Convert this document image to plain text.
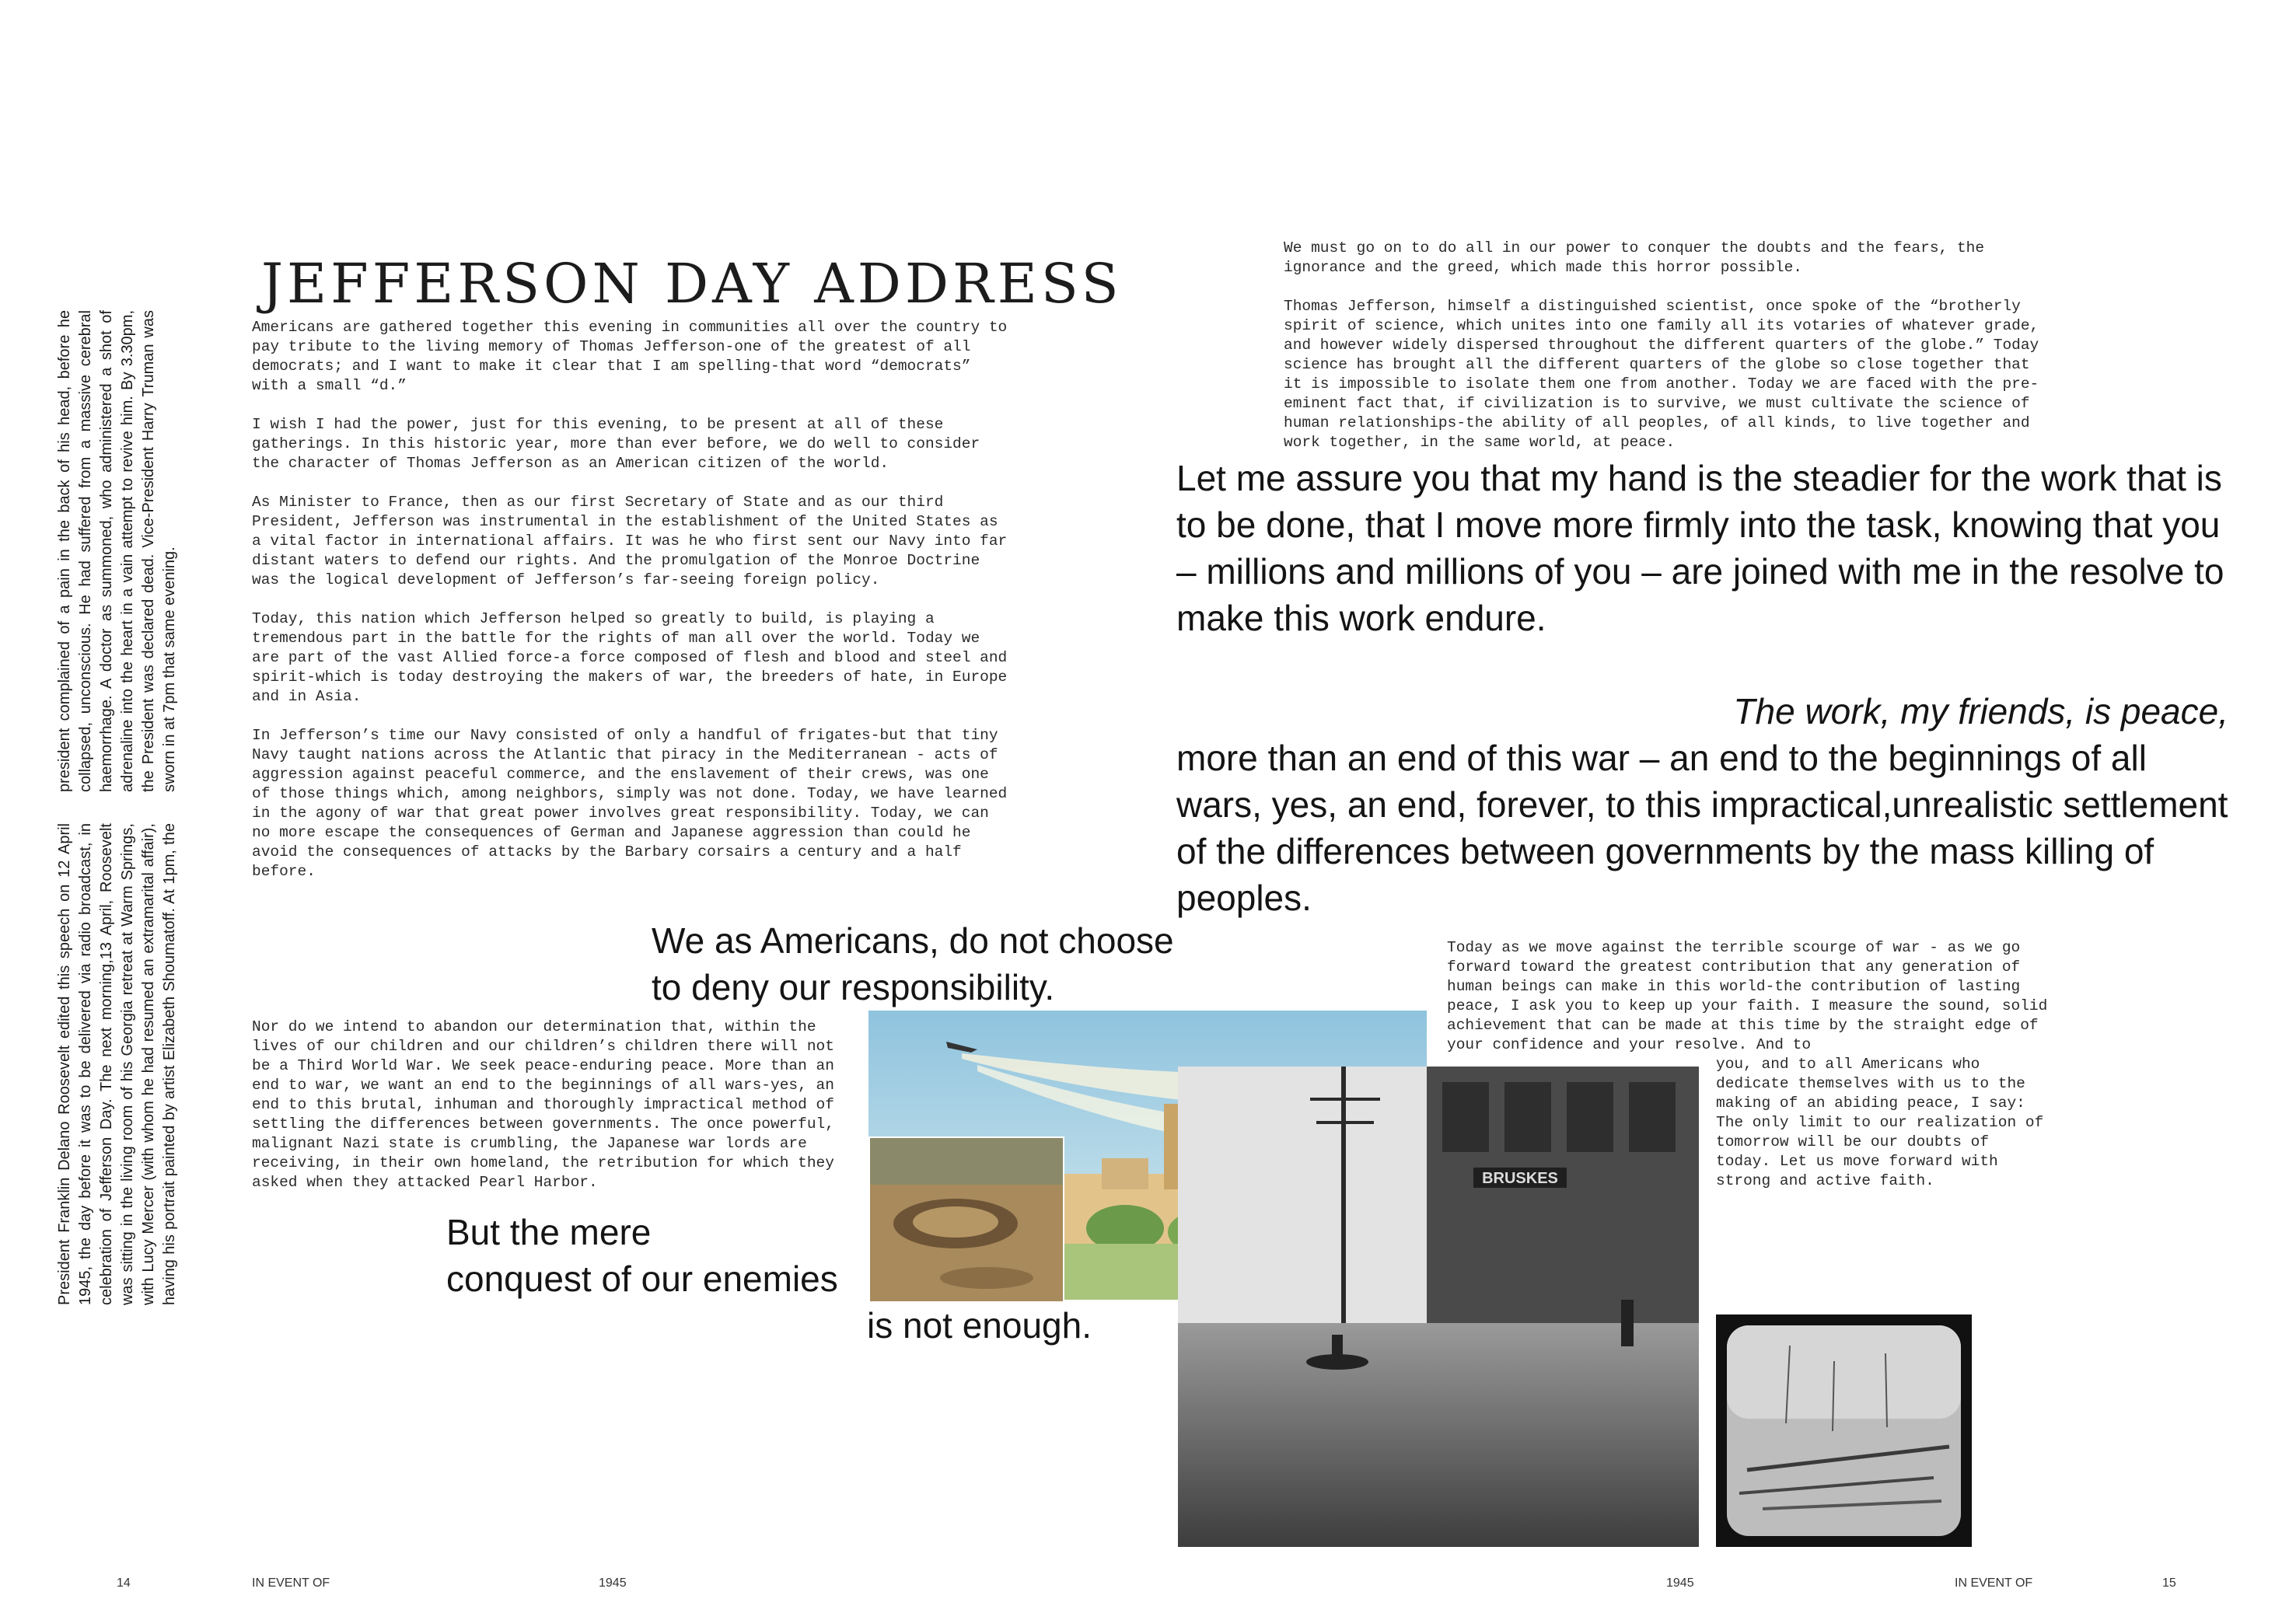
JEFFERSON DAY ADDRESS
President Franklin Delano Roosevelt edited this speech on 12 April 1945, the day before it was to be delivered via radio broadcast, in celebration of Jefferson Day. The next morning,13 April, Roosevelt was sitting in the living room of his Georgia retreat at Warm Springs, with Lucy Mercer (with whom he had resumed an extramarital affair), having his portrait painted by artist Elizabeth Shoumatoff. At 1pm, the president complained of a pain in the back of his head, before he collapsed, unconscious. He had suffered from a massive cerebral haemorrhage. A doctor as summoned, who administered a shot of adrenaline into the heart in a vain attempt to revive him. By 3.30pm, the President was declared dead. Vice-President Harry Truman was sworn in at 7pm that same evening.

Americans are gathered together this evening in communities all over the country to pay tribute to the living memory of Thomas Jefferson-one of the greatest of all democrats; and I want to make it clear that I am spelling-that word “democrats” with a small “d.”

I wish I had the power, just for this evening, to be present at all of these gatherings. In this historic year, more than ever before, we do well to consider the character of Thomas Jefferson as an American citizen of the world.

As Minister to France, then as our first Secretary of State and as our third President, Jefferson was instrumental in the establishment of the United States as a vital factor in international affairs. It was he who first sent our Navy into far distant waters to defend our rights. And the promulgation of the Monroe Doctrine was the logical development of Jefferson’s far-seeing foreign policy.

Today, this nation which Jefferson helped so greatly to build, is playing a tremendous part in the battle for the rights of man all over the world. Today we are part of the vast Allied force-a force composed of flesh and blood and steel and spirit-which is today destroying the makers of war, the breeders of hate, in Europe and in Asia.

In Jefferson’s time our Navy consisted of only a handful of frigates-but that tiny Navy taught nations across the Atlantic that piracy in the Mediterranean - acts of aggression against peaceful commerce, and the enslavement of their crews, was one of those things which, among neighbors, simply was not done. Today, we have learned in the agony of war that great power involves great responsibility. Today, we can no more escape the consequences of German and Japanese aggression than could he avoid the consequences of attacks by the Barbary corsairs a century and a half before.

Nor do we intend to abandon our determination that, within the lives of our children and our children’s children there will not be a Third World War. We seek peace-enduring peace. More than an end to war, we want an end to the beginnings of all wars-yes, an end to this brutal, inhuman and thoroughly impractical method of settling the differences between governments. The once powerful, malignant Nazi state is crumbling, the Japanese war lords are receiving, in their own homeland, the retribution for which they asked when they attacked Pearl Harbor.

We must go on to do all in our power to conquer the doubts and the fears, the ignorance and the greed, which made this horror possible.

Thomas Jefferson, himself a distinguished scientist, once spoke of the “brotherly spirit of science, which unites into one family all its votaries of whatever grade, and however widely dispersed throughout the different quarters of the globe.” Today science has brought all the different quarters of the globe so close together that it is impossible to isolate them one from another. Today we are faced with the pre-eminent fact that, if civilization is to survive, we must cultivate the science of human relationships-the ability of all peoples, of all kinds, to live together and work together, in the same world, at peace.

BRUSKES
We as Americans, do not choose
to deny our responsibility.
But the mere
conquest of our enemies
is not enough.
Let me assure you that my hand is the steadier for the work that is to be done, that I move more firmly into the task, knowing that you – millions and millions of you – are joined with me in the resolve to make this work endure.
The work, my friends, is peace,
more than an end of this war – an end to the beginnings of all wars, yes, an end, forever, to this impractical,unrealistic settlement of the differences between governments by the mass killing of peoples.

Today as we move against the terrible scourge of war - as we go forward toward the greatest contribution that any generation of human beings can make in this world-the contribution of lasting peace, I ask you to keep up your faith. I measure the sound, solid achievement that can be made at this time by the straight edge of your confidence and your resolve. And to

you, and to all Americans who dedicate themselves with us to the making of an abiding peace, I say: The only limit to our realization of tomorrow will be our doubts of today. Let us move forward with strong and active faith.

14	IN EVENT OF	1945	1945	IN EVENT OF	15
